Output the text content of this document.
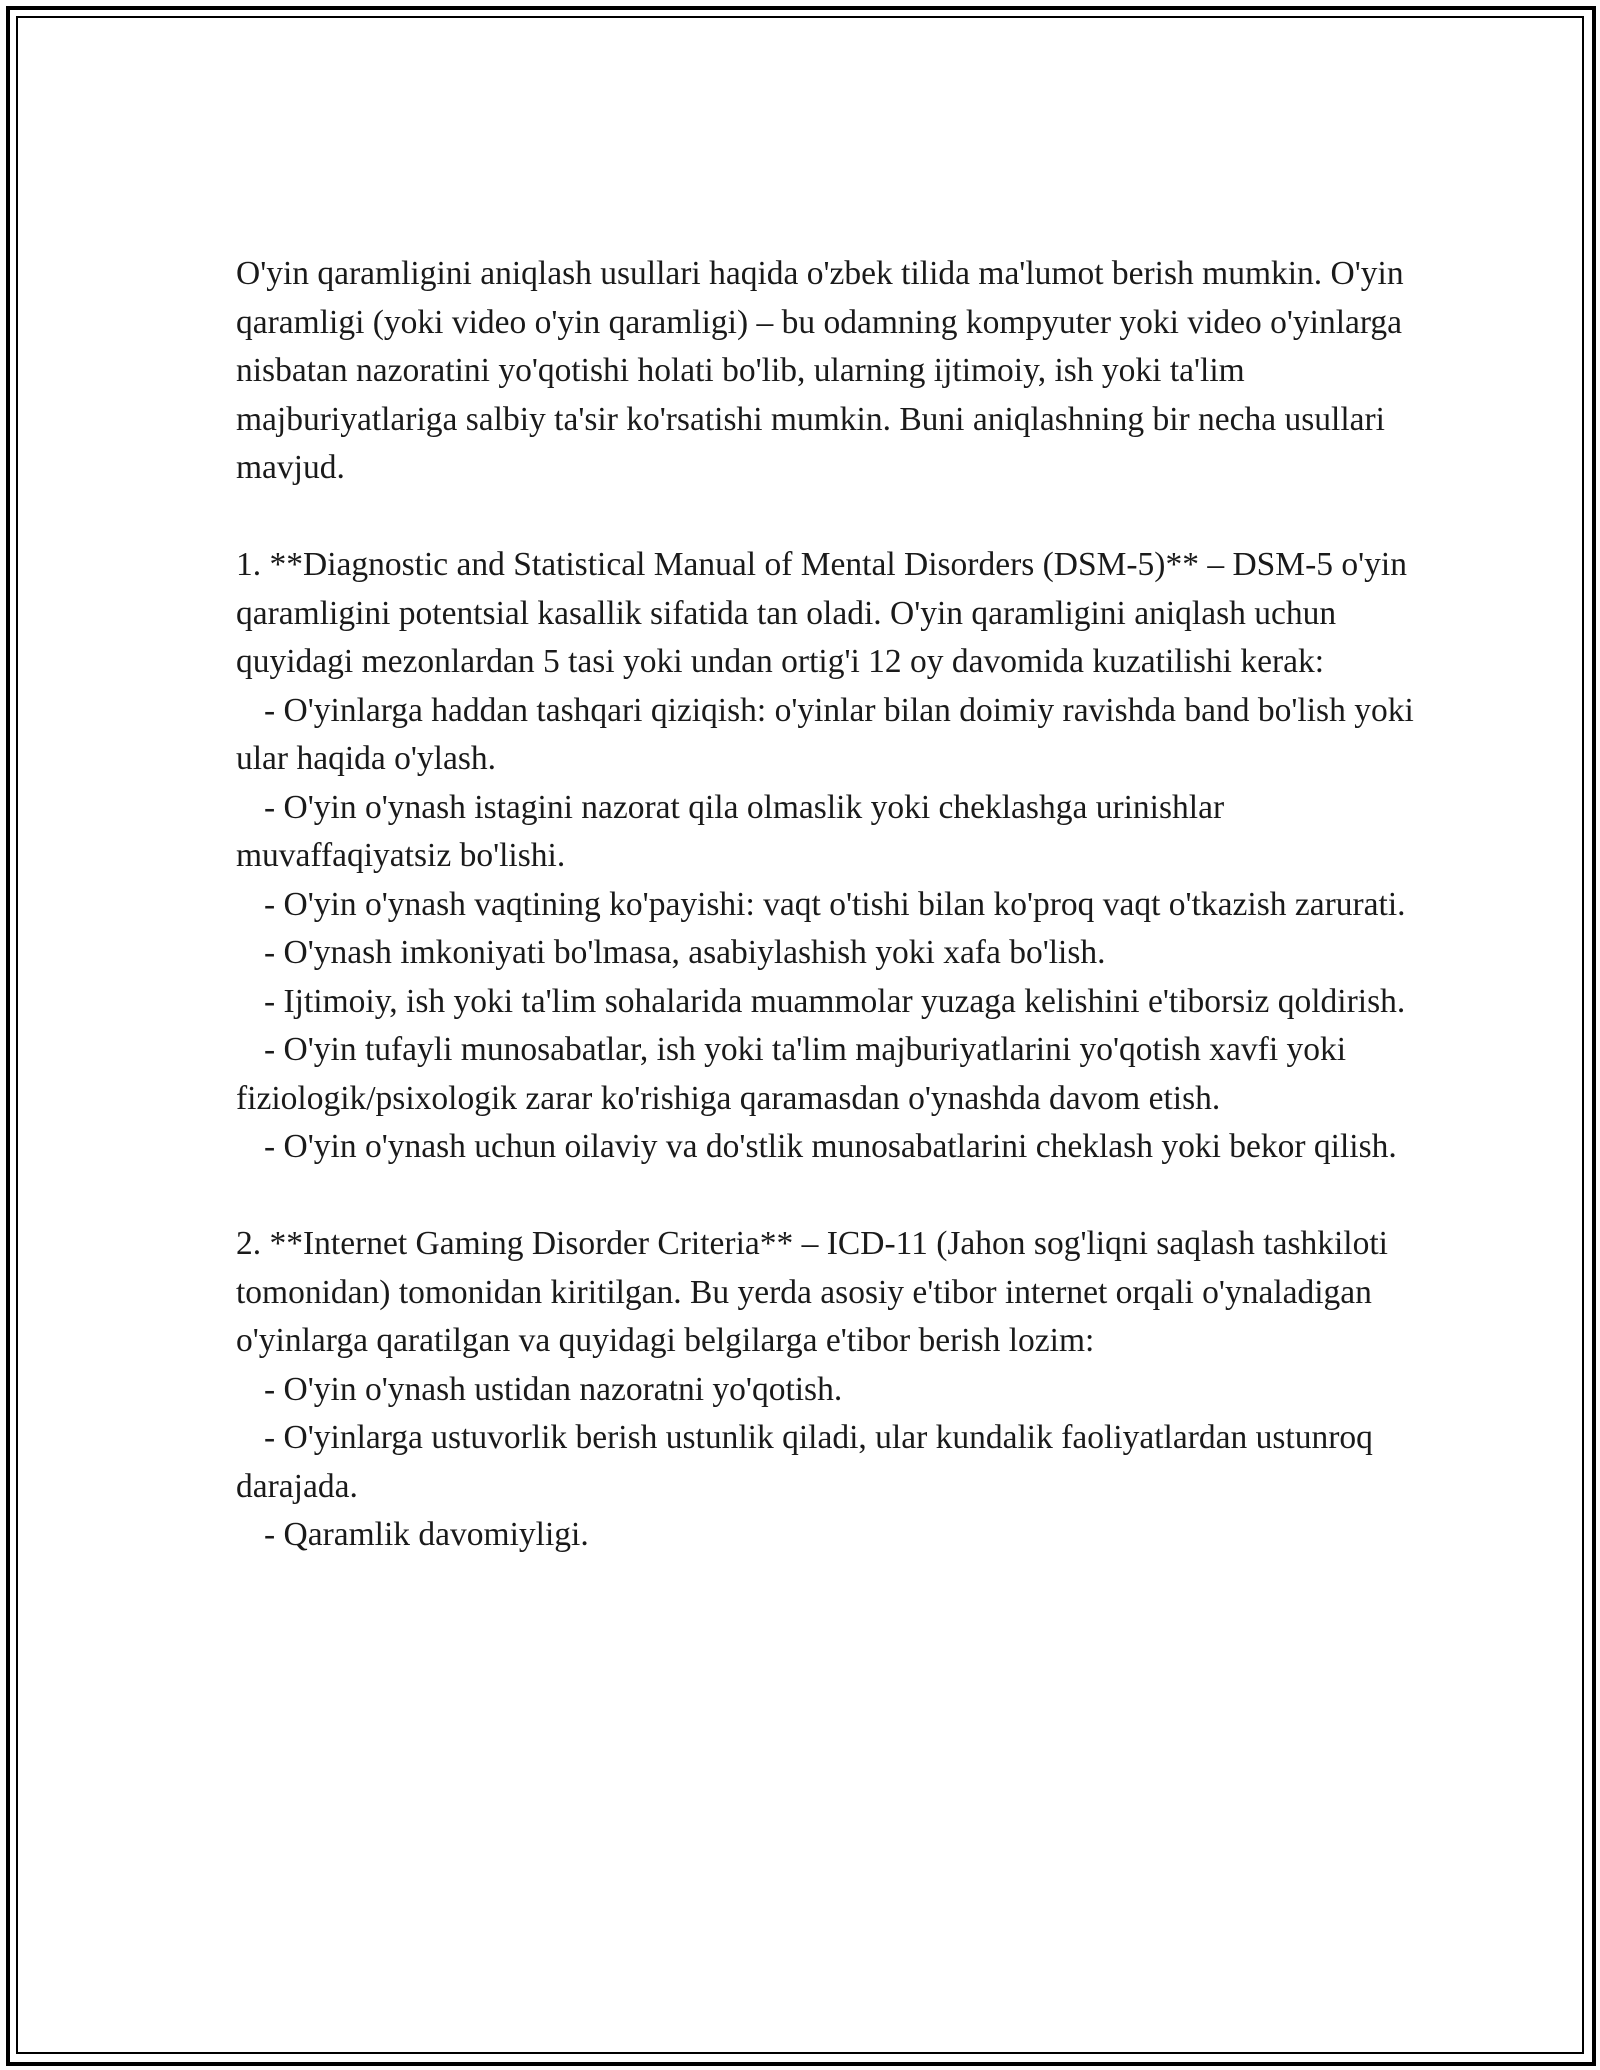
O'yin qaramligini aniqlash usullari haqida o'zbek tilida ma'lumot berish mumkin. O'yin qaramligi (yoki video o'yin qaramligi) – bu odamning kompyuter yoki video o'yinlarga nisbatan nazoratini yo'qotishi holati bo'lib, ularning ijtimoiy, ish yoki ta'lim majburiyatlariga salbiy ta'sir ko'rsatishi mumkin. Buni aniqlashning bir necha usullari mavjud.

1. **Diagnostic and Statistical Manual of Mental Disorders (DSM-5)** – DSM-5 o'yin qaramligini potentsial kasallik sifatida tan oladi. O'yin qaramligini aniqlash uchun quyidagi mezonlardan 5 tasi yoki undan ortig'i 12 oy davomida kuzatilishi kerak:

- O'yinlarga haddan tashqari qiziqish: o'yinlar bilan doimiy ravishda band bo'lish yoki ular haqida o'ylash.

- O'yin o'ynash istagini nazorat qila olmaslik yoki cheklashga urinishlar muvaffaqiyatsiz bo'lishi.

- O'yin o'ynash vaqtining ko'payishi: vaqt o'tishi bilan ko'proq vaqt o'tkazish zarurati.

- O'ynash imkoniyati bo'lmasa, asabiylashish yoki xafa bo'lish.

- Ijtimoiy, ish yoki ta'lim sohalarida muammolar yuzaga kelishini e'tiborsiz qoldirish.

- O'yin tufayli munosabatlar, ish yoki ta'lim majburiyatlarini yo'qotish xavfi yoki fiziologik/psixologik zarar ko'rishiga qaramasdan o'ynashda davom etish.

- O'yin o'ynash uchun oilaviy va do'stlik munosabatlarini cheklash yoki bekor qilish.

2. **Internet Gaming Disorder Criteria** – ICD-11 (Jahon sog'liqni saqlash tashkiloti tomonidan) tomonidan kiritilgan. Bu yerda asosiy e'tibor internet orqali o'ynaladigan o'yinlarga qaratilgan va quyidagi belgilarga e'tibor berish lozim:

- O'yin o'ynash ustidan nazoratni yo'qotish.

- O'yinlarga ustuvorlik berish ustunlik qiladi, ular kundalik faoliyatlardan ustunroq darajada.

- Qaramlik davomiyligi.
